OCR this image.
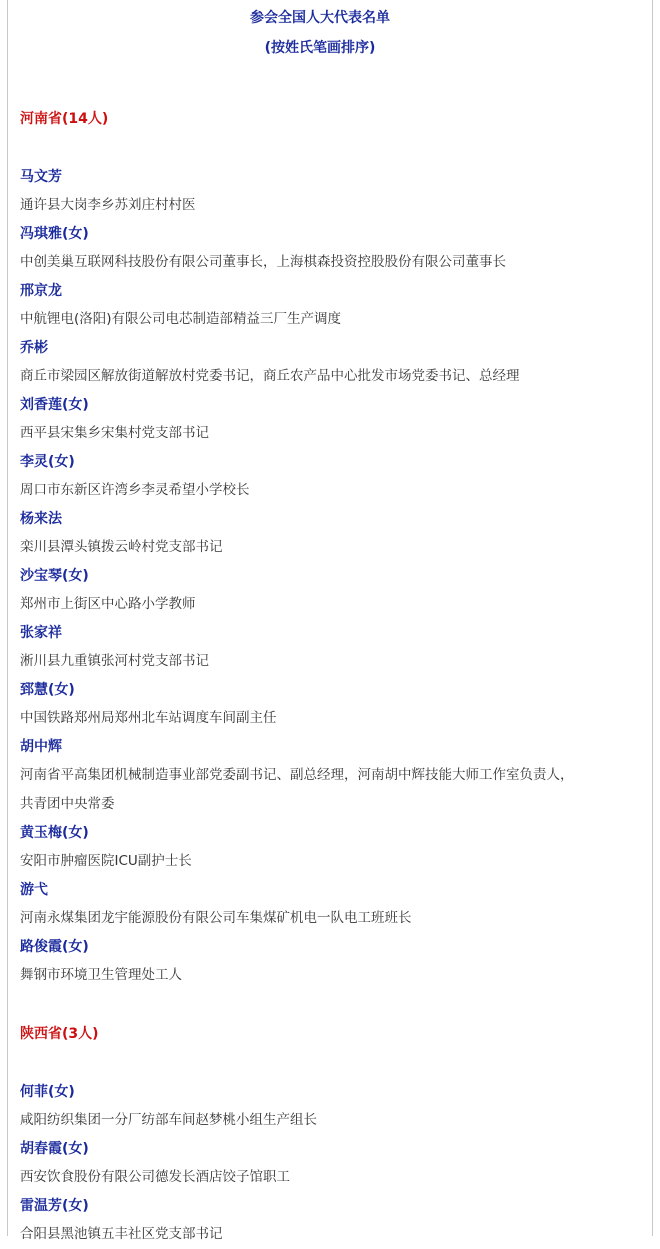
参会全国人大代表名单
(按姓氏笔画排序)
河南省(14人)
马文芳
通许县大岗李乡苏刘庄村村医
冯琪雅(女)
中创美巢互联网科技股份有限公司董事长，上海棋森投资控股股份有限公司董事长
邢京龙
中航锂电(洛阳)有限公司电芯制造部精益三厂生产调度
乔彬
商丘市梁园区解放街道解放村党委书记，商丘农产品中心批发市场党委书记、总经理
刘香莲(女)
西平县宋集乡宋集村党支部书记
李灵(女)
周口市东新区许湾乡李灵希望小学校长
杨来法
栾川县潭头镇拨云岭村党支部书记
沙宝琴(女)
郑州市上街区中心路小学教师
张家祥
淅川县九重镇张河村党支部书记
郅慧(女)
中国铁路郑州局郑州北车站调度车间副主任
胡中辉
河南省平高集团机械制造事业部党委副书记、副总经理，河南胡中辉技能大师工作室负责人，
共青团中央常委
黄玉梅(女)
安阳市肿瘤医院ICU副护士长
游弋
河南永煤集团龙宇能源股份有限公司车集煤矿机电一队电工班班长
路俊霞(女)
舞钢市环境卫生管理处工人
陕西省(3人)
何菲(女)
咸阳纺织集团一分厂纺部车间赵梦桃小组生产组长
胡春霞(女)
西安饮食股份有限公司德发长酒店饺子馆职工
雷温芳(女)
合阳县黑池镇五丰社区党支部书记
